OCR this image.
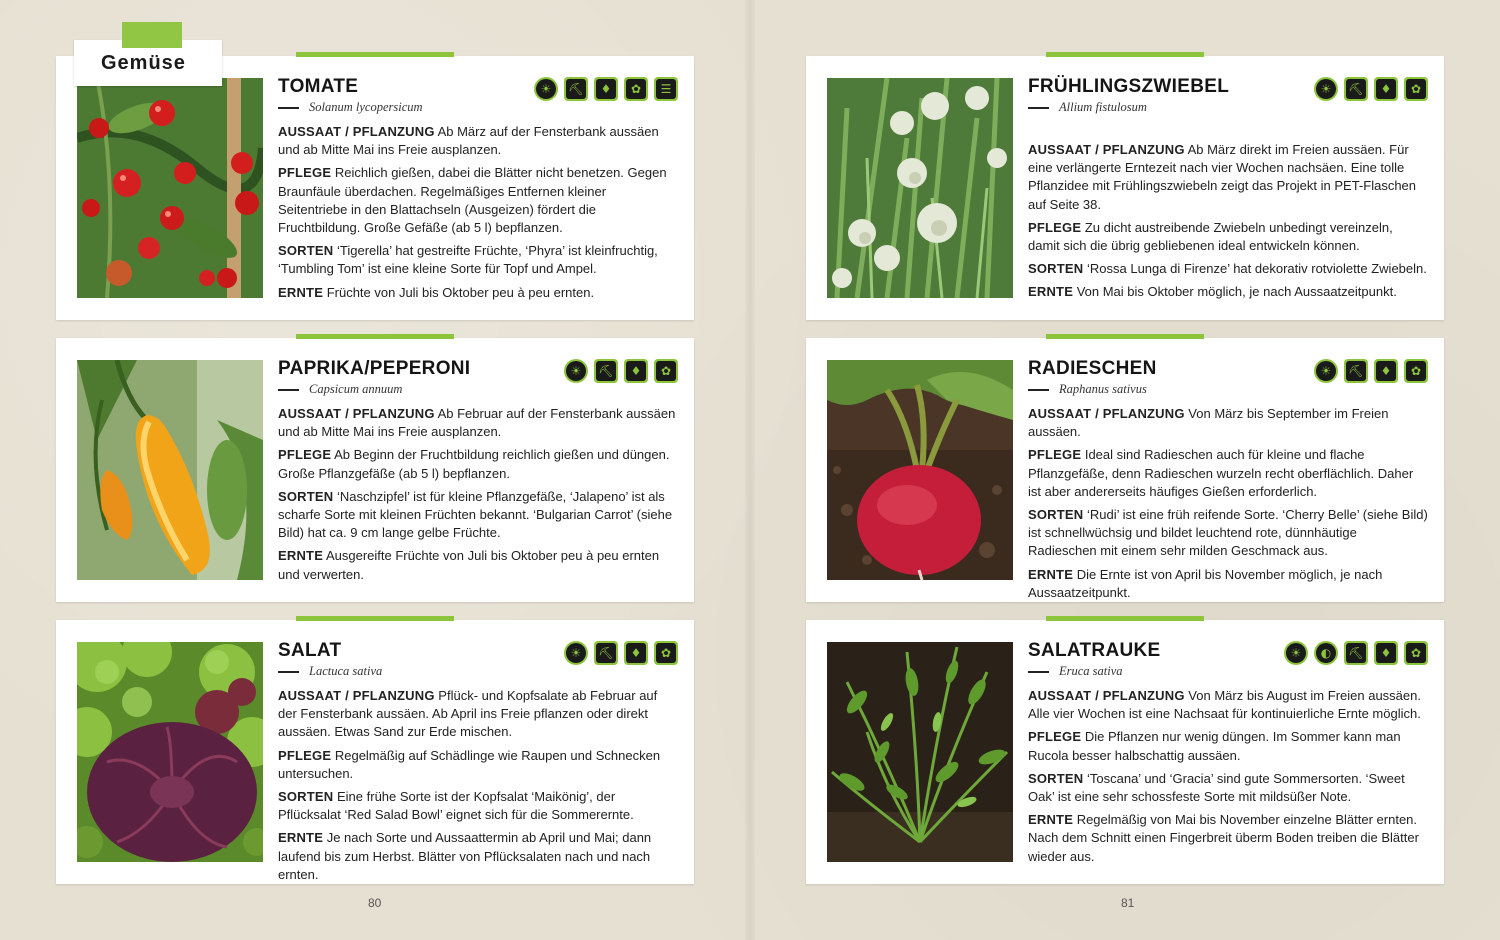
Gemüse
☀ ⛏ ♦ ✿ ☰
TOMATE
Solanum lycopersicum

AUSSAAT / PFLANZUNG Ab März auf der Fensterbank aussäen und ab Mitte Mai ins Freie ausplanzen.

PFLEGE Reichlich gießen, dabei die Blätter nicht benetzen. Gegen Braunfäule überdachen. Regelmäßiges Entfernen kleiner Seitentriebe in den Blattachseln (Ausgeizen) fördert die Fruchtbildung. Große Gefäße (ab 5 l) bepflanzen.

SORTEN ‘Tigerella’ hat gestreifte Früchte, ‘Phyra’ ist kleinfruchtig, ‘Tumbling Tom’ ist eine kleine Sorte für Topf und Ampel.

ERNTE Früchte von Juli bis Oktober peu à peu ernten.

☀ ⛏ ♦ ✿
FRÜHLINGSZWIEBEL
Allium fistulosum

AUSSAAT / PFLANZUNG Ab März direkt im Freien aussäen. Für eine verlängerte Erntezeit nach vier Wochen nachsäen. Eine tolle Pflanzidee mit Frühlingszwiebeln zeigt das Projekt in PET-Flaschen auf Seite 38.

PFLEGE Zu dicht austreibende Zwiebeln unbedingt vereinzeln, damit sich die übrig gebliebenen ideal entwickeln können.

SORTEN ‘Rossa Lunga di Firenze’ hat dekorativ rotviolette Zwiebeln.

ERNTE Von Mai bis Oktober möglich, je nach Aussaatzeitpunkt.

☀ ⛏ ♦ ✿
PAPRIKA/PEPERONI
Capsicum annuum

AUSSAAT / PFLANZUNG Ab Februar auf der Fensterbank aussäen und ab Mitte Mai ins Freie ausplanzen.

PFLEGE Ab Beginn der Fruchtbildung reichlich gießen und düngen. Große Pflanzgefäße (ab 5 l) bepflanzen.

SORTEN ‘Naschzipfel’ ist für kleine Pflanzgefäße, ‘Jalapeno’ ist als scharfe Sorte mit kleinen Früchten bekannt. ‘Bulgarian Carrot’ (siehe Bild) hat ca. 9 cm lange gelbe Früchte.

ERNTE Ausgereifte Früchte von Juli bis Oktober peu à peu ernten und verwerten.

☀ ⛏ ♦ ✿
RADIESCHEN
Raphanus sativus

AUSSAAT / PFLANZUNG Von März bis September im Freien aussäen.

PFLEGE Ideal sind Radieschen auch für kleine und flache Pflanzgefäße, denn Radieschen wurzeln recht oberflächlich. Daher ist aber andererseits häufiges Gießen erforderlich.

SORTEN ‘Rudi’ ist eine früh reifende Sorte. ‘Cherry Belle’ (siehe Bild) ist schnellwüchsig und bildet leuchtend rote, dünnhäutige Radieschen mit einem sehr milden Geschmack aus.

ERNTE Die Ernte ist von April bis November möglich, je nach Aussaatzeitpunkt.

☀ ⛏ ♦ ✿
SALAT
Lactuca sativa

AUSSAAT / PFLANZUNG Pflück- und Kopfsalate ab Februar auf der Fensterbank aussäen. Ab April ins Freie pflanzen oder direkt aussäen. Etwas Sand zur Erde mischen.

PFLEGE Regelmäßig auf Schädlinge wie Raupen und Schnecken untersuchen.

SORTEN Eine frühe Sorte ist der Kopfsalat ‘Maikönig’, der Pflücksalat ‘Red Salad Bowl’ eignet sich für die Sommerernte.

ERNTE Je nach Sorte und Aussaattermin ab April und Mai; dann laufend bis zum Herbst. Blätter von Pflücksalaten nach und nach ernten.

☀ ◐ ⛏ ♦ ✿
SALATRAUKE
Eruca sativa

AUSSAAT / PFLANZUNG Von März bis August im Freien aussäen. Alle vier Wochen ist eine Nachsaat für kontinuierliche Ernte möglich.

PFLEGE Die Pflanzen nur wenig düngen. Im Sommer kann man Rucola besser halbschattig aussäen.

SORTEN ‘Toscana’ und ‘Gracia’ sind gute Sommersorten. ‘Sweet Oak’ ist eine sehr schossfeste Sorte mit mildsüßer Note.

ERNTE Regelmäßig von Mai bis November einzelne Blätter ernten. Nach dem Schnitt einen Fingerbreit überm Boden treiben die Blätter wieder aus.

80	81
